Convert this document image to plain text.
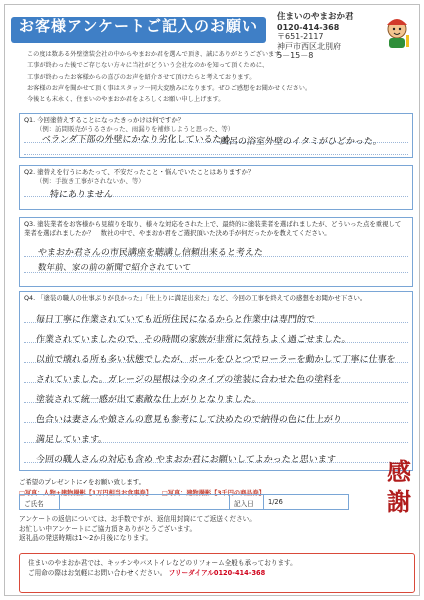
お客様アンケートご記入のお願い	住まいのやまおか君
0120-414-368
〒651-2117
神戸市西区北別府
5－15－8
この度は数ある外壁塗装会社の中からやまおか君を選んで頂き、誠にありがとうございます。
工事が終わった後でご存じない方々に当社がどういう会社なのかを知って頂くために、
工事が終わったお客様からの喜びのお声を紹介させて頂けたらと考えております。
お客様のお声を聞かせて頂く事はスタッフ一同大変励みになります。ぜひご感想をお聞かせください。
今後とも末永く、住まいのやまおか君をよろしくお願い申し上げます。
Q1. 今回塗替えすることになったきっかけは何ですか？
（例：訪問販売がうるさかった、雨漏りを補修しようと思った、等）
ベランダ下部の外壁にかなり劣化しているため
風呂の浴室外壁のイタミがひどかった。
Q2. 塗替えを行うにあたって、不安だったこと・悩んでいたことはありますか？
（例：手抜き工事がされないか、等）
特にありません
Q3. 塗装業者をお客様から見積りを取り、様々な対応をされた上で、最終的に塗装業者を選ばれましたが、どういった点を重視して
業者を選ばれましたか？　数社の中で、やまおか君をご選択頂いた決め手が何だったかを教えてください。
やまおか君さんの市民講座を聴講し信頼出来ると考えた
数年前、家の前の新聞で紹介されていて
Q4. 「塗装の職人の仕事ぶりが良かった」「仕上りに満足出来た」など、今回の工事を終えての感想をお聞かせ下さい。
毎日丁寧に作業されていても近所住民になるからと作業中は専門的で
作業されていましたので、その時間の家族が非常に気持ちよく過ごせました。
以前で壊れる所も多い状態でしたが、ボールをひとつでローラーを動かして丁寧に仕事を
されていました。ガレージの屋根は今のタイプの塗装に合わせた色の塗料を
塗装されて統一感が出て素敵な仕上がりとなりました。
色合いは妻さんや娘さんの意見も参考にして決めたので納得の色に仕上がり
満足しています。
今回の職人さんの対応も含め やまおか君にお願いしてよかったと思います
ご希望のプレゼントに✓をお願い致します。
□写真：人物+建物撮影【1万円相当お食事券】 □写真：建物撮影【3千円の商品券】
ご氏名	記入日	1/26
アンケートの返信については、お手数ですが、返信用封筒にてご返送ください。
お忙しい中アンケートにご協力頂きありがとうございます。
返礼品の発送時期は1～2か月後になります。
感謝
住まいのやまおか君では、キッチンやバストイレなどのリフォーム全般も承っております。
ご用命の際はお気軽にお問い合わせください。 フリーダイアル0120-414-368
